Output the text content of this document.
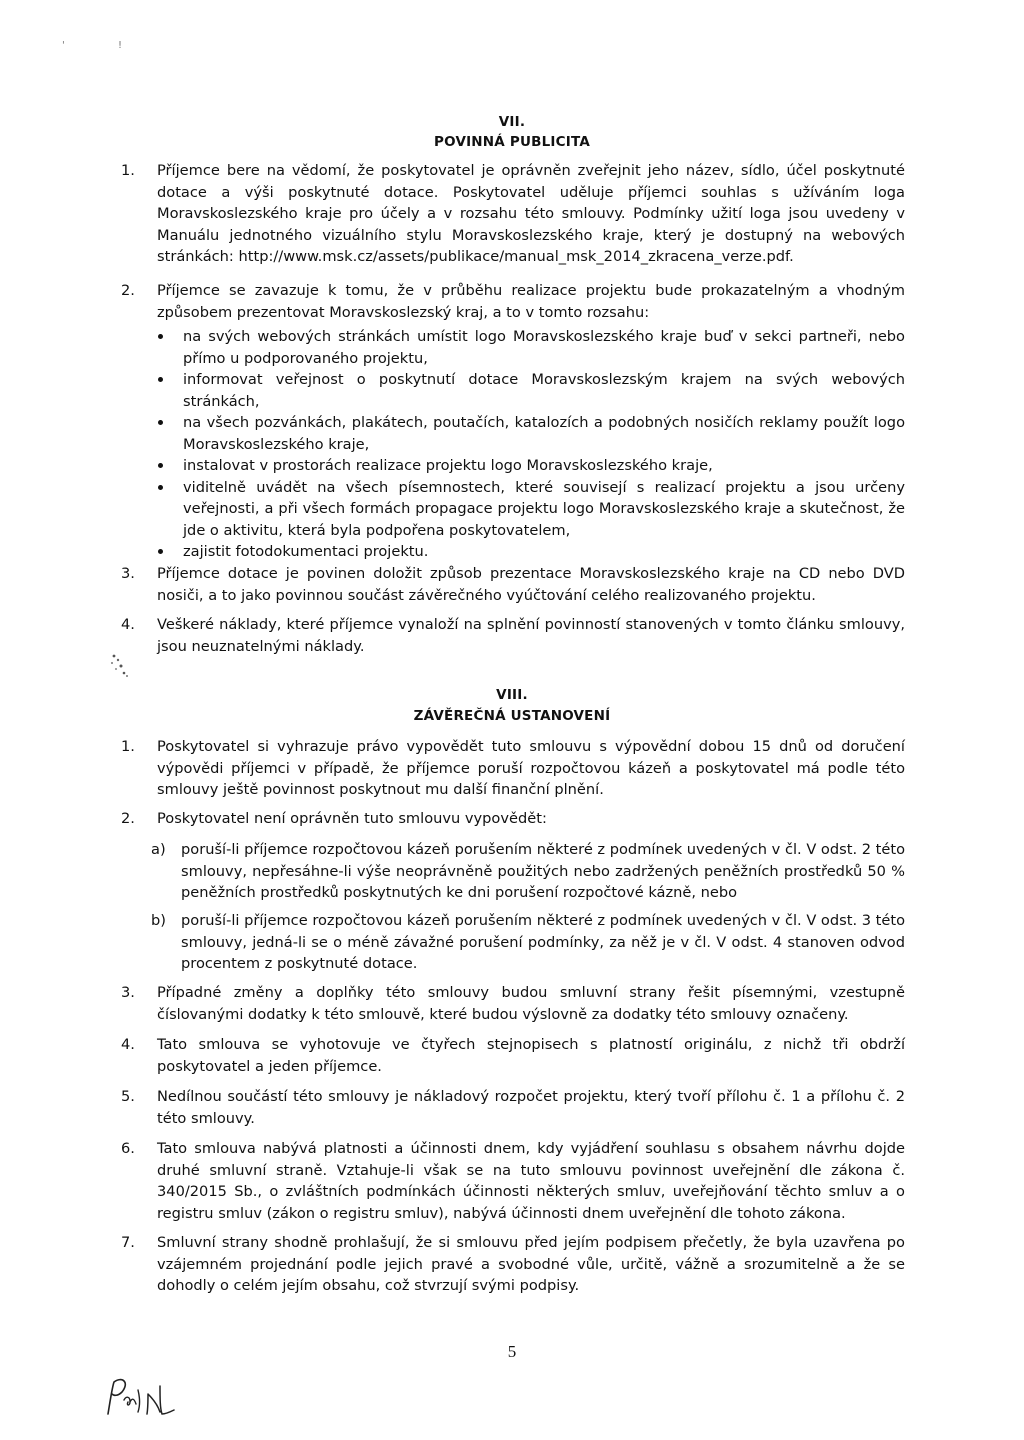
'	!
VII.
POVINNÁ PUBLICITA
1. Příjemce bere na vědomí, že poskytovatel je oprávněn zveřejnit jeho název, sídlo, účel poskytnuté dotace a výši poskytnuté dotace. Poskytovatel uděluje příjemci souhlas s užíváním loga Moravskoslezského kraje pro účely a v rozsahu této smlouvy. Podmínky užití loga jsou uvedeny v Manuálu jednotného vizuálního stylu Moravskoslezského kraje, který je dostupný na webových stránkách: http://www.msk.cz/assets/publikace/manual_msk_2014_zkracena_verze.pdf.
2. Příjemce se zavazuje k tomu, že v průběhu realizace projektu bude prokazatelným a vhodným způsobem prezentovat Moravskoslezský kraj, a to v tomto rozsahu:
na svých webových stránkách umístit logo Moravskoslezského kraje buď v sekci partneři, nebo přímo u podporovaného projektu,
informovat veřejnost o poskytnutí dotace Moravskoslezským krajem na svých webových stránkách,
na všech pozvánkách, plakátech, poutačích, katalozích a podobných nosičích reklamy použít logo Moravskoslezského kraje,
instalovat v prostorách realizace projektu logo Moravskoslezského kraje,
viditelně uvádět na všech písemnostech, které souvisejí s realizací projektu a jsou určeny veřejnosti, a při všech formách propagace projektu logo Moravskoslezského kraje a skutečnost, že jde o aktivitu, která byla podpořena poskytovatelem,
zajistit fotodokumentaci projektu.
3. Příjemce dotace je povinen doložit způsob prezentace Moravskoslezského kraje na CD nebo DVD nosiči, a to jako povinnou součást závěrečného vyúčtování celého realizovaného projektu.
4. Veškeré náklady, které příjemce vynaloží na splnění povinností stanovených v tomto článku smlouvy, jsou neuznatelnými náklady.
VIII.
ZÁVĚREČNÁ USTANOVENÍ
1. Poskytovatel si vyhrazuje právo vypovědět tuto smlouvu s výpovědní dobou 15 dnů od doručení výpovědi příjemci v případě, že příjemce poruší rozpočtovou kázeň a poskytovatel má podle této smlouvy ještě povinnost poskytnout mu další finanční plnění.
2. Poskytovatel není oprávněn tuto smlouvu vypovědět:
a) poruší-li příjemce rozpočtovou kázeň porušením některé z podmínek uvedených v čl. V odst. 2 této smlouvy, nepřesáhne-li výše neoprávněně použitých nebo zadržených peněžních prostředků 50 % peněžních prostředků poskytnutých ke dni porušení rozpočtové kázně, nebo
b) poruší-li příjemce rozpočtovou kázeň porušením některé z podmínek uvedených v čl. V odst. 3 této smlouvy, jedná-li se o méně závažné porušení podmínky, za něž je v čl. V odst. 4 stanoven odvod procentem z poskytnuté dotace.
3. Případné změny a doplňky této smlouvy budou smluvní strany řešit písemnými, vzestupně číslovanými dodatky k této smlouvě, které budou výslovně za dodatky této smlouvy označeny.
4. Tato smlouva se vyhotovuje ve čtyřech stejnopisech s platností originálu, z nichž tři obdrží poskytovatel a jeden příjemce.
5. Nedílnou součástí této smlouvy je nákladový rozpočet projektu, který tvoří přílohu č. 1 a přílohu č. 2 této smlouvy.
6. Tato smlouva nabývá platnosti a účinnosti dnem, kdy vyjádření souhlasu s obsahem návrhu dojde druhé smluvní straně. Vztahuje-li však se na tuto smlouvu povinnost uveřejnění dle zákona č. 340/2015 Sb., o zvláštních podmínkách účinnosti některých smluv, uveřejňování těchto smluv a o registru smluv (zákon o registru smluv), nabývá účinnosti dnem uveřejnění dle tohoto zákona.
7. Smluvní strany shodně prohlašují, že si smlouvu před jejím podpisem přečetly, že byla uzavřena po vzájemném projednání podle jejich pravé a svobodné vůle, určitě, vážně a srozumitelně a že se dohodly o celém jejím obsahu, což stvrzují svými podpisy.
5
